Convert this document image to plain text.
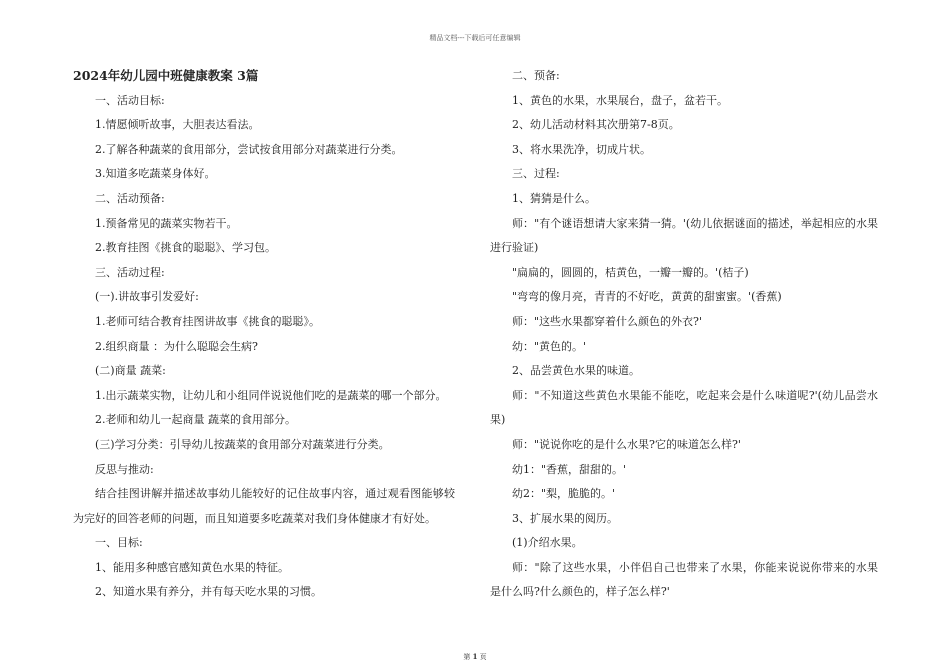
精品文档---下载后可任意编辑

2024年幼儿园中班健康教案 3篇

一、活动目标:

1.情愿倾听故事，大胆表达看法。

2.了解各种蔬菜的食用部分，尝试按食用部分对蔬菜进行分类。

3.知道多吃蔬菜身体好。

二、活动预备:

1.预备常见的蔬菜实物若干。

2.教育挂图《挑食的聪聪》、学习包。

三、活动过程:

(一).讲故事引发爱好:

1.老师可结合教育挂图讲故事《挑食的聪聪》。

2.组织商量 ：为什么聪聪会生病?

(二)商量 蔬菜:

1.出示蔬菜实物，让幼儿和小组同伴说说他们吃的是蔬菜的哪一个部分。

2.老师和幼儿一起商量 蔬菜的食用部分。

(三)学习分类：引导幼儿按蔬菜的食用部分对蔬菜进行分类。

反思与推动:

结合挂图讲解并描述故事幼儿能较好的记住故事内容，通过观看图能够较为完好的回答老师的问题，而且知道要多吃蔬菜对我们身体健康才有好处。

一、目标:

1、能用多种感官感知黄色水果的特征。

2、知道水果有养分，并有每天吃水果的习惯。

二、预备:

1、黄色的水果，水果展台，盘子，盆若干。

2、幼儿活动材料其次册第7-8页。

3、将水果洗净，切成片状。

三、过程:

1、猜猜是什么。

师："有个谜语想请大家来猜一猜。'(幼儿依据谜面的描述，举起相应的水果进行验证)

"扁扁的，圆圆的，桔黄色，一瓣一瓣的。'(桔子)

"弯弯的像月亮，青青的不好吃，黄黄的甜蜜蜜。'(香蕉)

师："这些水果都穿着什么颜色的外衣?'

幼："黄色的。'

2、品尝黄色水果的味道。

师："不知道这些黄色水果能不能吃，吃起来会是什么味道呢?'(幼儿品尝水果)

师："说说你吃的是什么水果?它的味道怎么样?'

幼1："香蕉，甜甜的。'

幼2："梨，脆脆的。'

3、扩展水果的阅历。

(1)介绍水果。

师："除了这些水果，小伴侣自己也带来了水果，你能来说说你带来的水果是什么吗?什么颜色的，样子怎么样?'

第 1 页
